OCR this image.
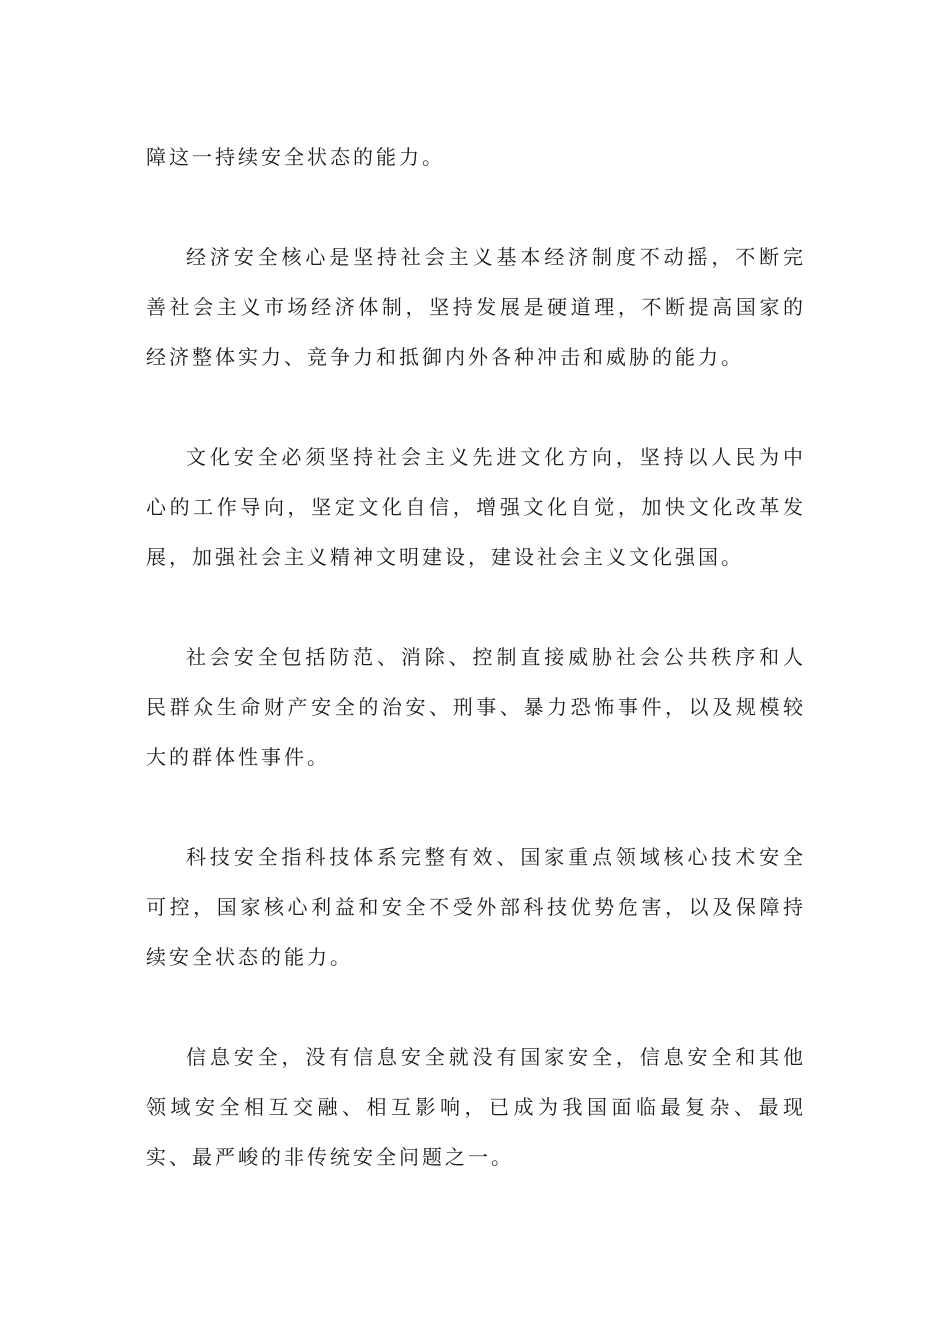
障这一持续安全状态的能力。

经济安全核心是坚持社会主义基本经济制度不动摇，不断完善社会主义市场经济体制，坚持发展是硬道理，不断提高国家的经济整体实力、竞争力和抵御内外各种冲击和威胁的能力。

文化安全必须坚持社会主义先进文化方向，坚持以人民为中心的工作导向，坚定文化自信，增强文化自觉，加快文化改革发展，加强社会主义精神文明建设，建设社会主义文化强国。

社会安全包括防范、消除、控制直接威胁社会公共秩序和人民群众生命财产安全的治安、刑事、暴力恐怖事件，以及规模较大的群体性事件。

科技安全指科技体系完整有效、国家重点领域核心技术安全可控，国家核心利益和安全不受外部科技优势危害，以及保障持续安全状态的能力。

信息安全，没有信息安全就没有国家安全，信息安全和其他领域安全相互交融、相互影响，已成为我国面临最复杂、最现实、最严峻的非传统安全问题之一。
